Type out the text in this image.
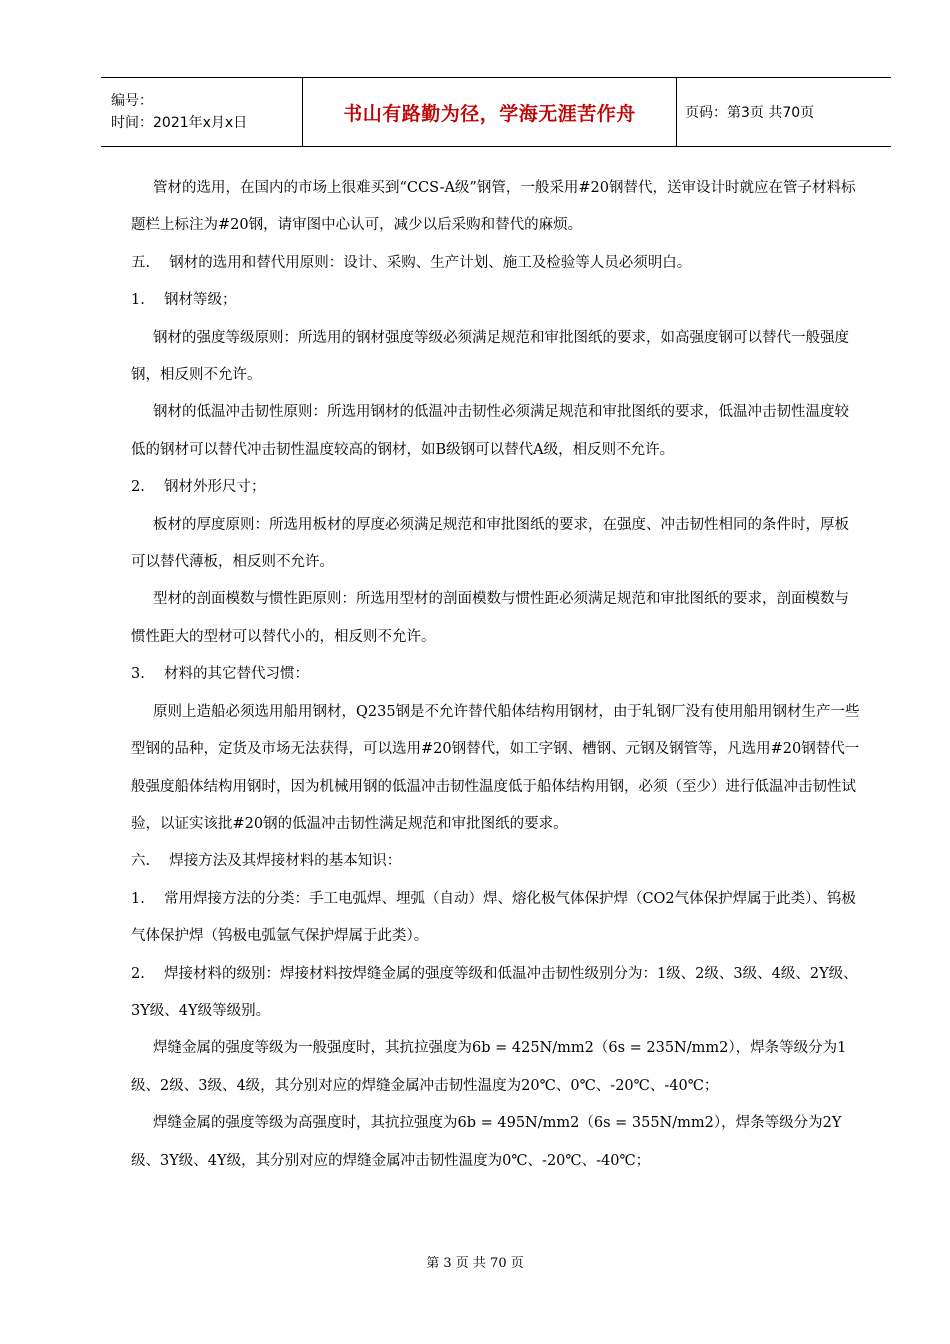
编号：
时间：2021年x月x日	书山有路勤为径，学海无涯苦作舟	页码：第3页 共70页

管材的选用，在国内的市场上很难买到“CCS-A级”钢管，一般采用#20钢替代，送审设计时就应在管子材料标题栏上标注为#20钢，请审图中心认可，减少以后采购和替代的麻烦。

五.　 钢材的选用和替代用原则：设计、采购、生产计划、施工及检验等人员必须明白。

1.　 钢材等级；

钢材的强度等级原则：所选用的钢材强度等级必须满足规范和审批图纸的要求，如高强度钢可以替代一般强度钢，相反则不允许。

钢材的低温冲击韧性原则：所选用钢材的低温冲击韧性必须满足规范和审批图纸的要求，低温冲击韧性温度较低的钢材可以替代冲击韧性温度较高的钢材，如B级钢可以替代A级，相反则不允许。

2.　 钢材外形尺寸；

板材的厚度原则：所选用板材的厚度必须满足规范和审批图纸的要求，在强度、冲击韧性相同的条件时，厚板可以替代薄板，相反则不允许。

型材的剖面模数与惯性距原则：所选用型材的剖面模数与惯性距必须满足规范和审批图纸的要求，剖面模数与惯性距大的型材可以替代小的，相反则不允许。

3.　 材料的其它替代习惯：

原则上造船必须选用船用钢材，Q235钢是不允许替代船体结构用钢材，由于轧钢厂没有使用船用钢材生产一些型钢的品种，定货及市场无法获得，可以选用#20钢替代，如工字钢、槽钢、元钢及钢管等，凡选用#20钢替代一般强度船体结构用钢时，因为机械用钢的低温冲击韧性温度低于船体结构用钢，必须（至少）进行低温冲击韧性试验，以证实该批#20钢的低温冲击韧性满足规范和审批图纸的要求。

六.　 焊接方法及其焊接材料的基本知识：

1.　 常用焊接方法的分类：手工电弧焊、埋弧（自动）焊、熔化极气体保护焊（CO2气体保护焊属于此类）、钨极气体保护焊（钨极电弧氩气保护焊属于此类）。

2.　 焊接材料的级别：焊接材料按焊缝金属的强度等级和低温冲击韧性级别分为：1级、2级、3级、4级、2Y级、3Y级、4Y级等级别。

焊缝金属的强度等级为一般强度时，其抗拉强度为6b = 425N/mm2（6s = 235N/mm2），焊条等级分为1级、2级、3级、4级，其分别对应的焊缝金属冲击韧性温度为20℃、0℃、-20℃、-40℃；

焊缝金属的强度等级为高强度时，其抗拉强度为6b = 495N/mm2（6s = 355N/mm2），焊条等级分为2Y级、3Y级、4Y级，其分别对应的焊缝金属冲击韧性温度为0℃、-20℃、-40℃；

第 3 页 共 70 页
